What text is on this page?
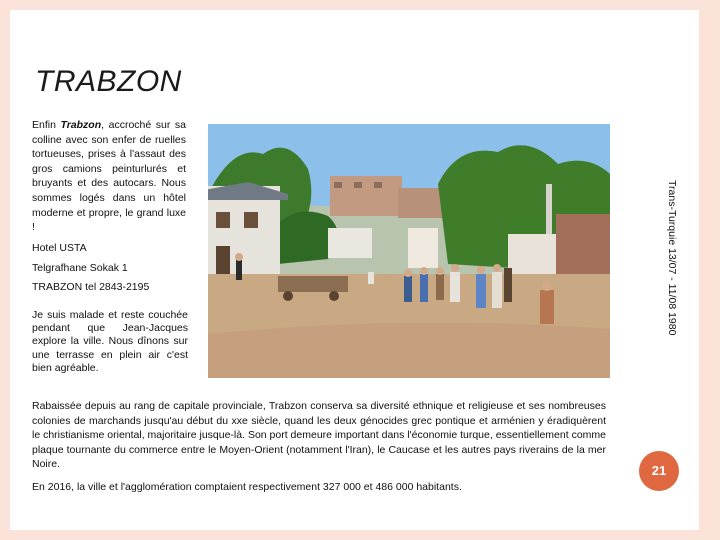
TRABZON
Enfin Trabzon, accroché sur sa colline avec son enfer de ruelles tortueuses, prises à l'assaut des gros camions peinturlurés et bruyants et des autocars. Nous sommes logés dans un hôtel moderne et propre, le grand luxe !
Hotel USTA
Telgrafhane Sokak 1
TRABZON tel 2843-2195
Je suis malade et reste couchée pendant que Jean-Jacques explore la ville. Nous dînons sur une terrasse en plein air c'est bien agréable.
Trans-Turquie 13/07 - 11/08 1980
Rabaissée depuis au rang de capitale provinciale, Trabzon conserva sa diversité ethnique et religieuse et ses nombreuses colonies de marchands jusqu'au début du xxe siècle, quand les deux génocides grec pontique et arménien y éradiquèrent le christianisme oriental, majoritaire jusque-là. Son port demeure important dans l'économie turque, essentiellement comme plaque tournante du commerce entre le Moyen-Orient (notamment l'Iran), le Caucase et les autres pays riverains de la mer Noire.
En 2016, la ville et l'agglomération comptaient respectivement 327 000 et 486 000 habitants.
21
